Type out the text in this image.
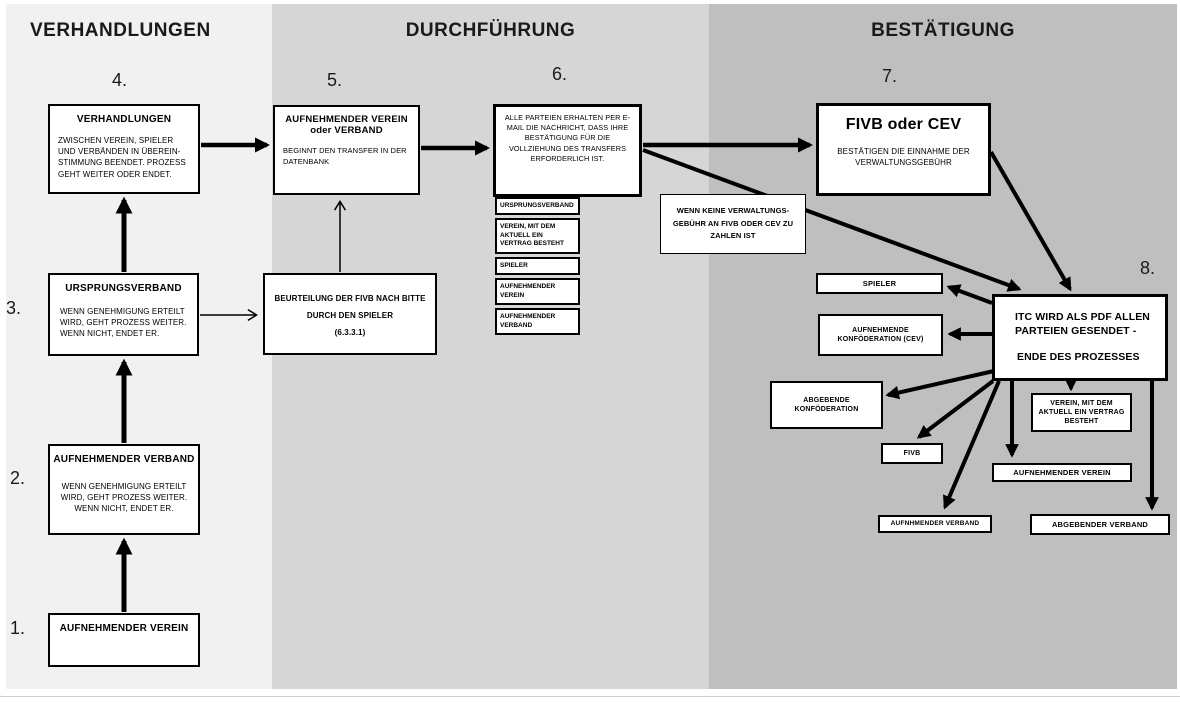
VERHANDLUNGEN	DURCHFÜHRUNG	BESTÄTIGUNG
1.
2.
3.
4.	5.	6.	7.
8.
AUFNEHMENDER VEREIN
AUFNEHMENDER VERBAND
WENN GENEHMIGUNG ERTEILT WIRD, GEHT PROZESS WEITER. WENN NICHT, ENDET ER.
URSPRUNGSVERBAND
WENN GENEHMIGUNG ERTEILT WIRD, GEHT PROZESS WEITER. WENN NICHT, ENDET ER.
VERHANDLUNGEN
ZWISCHEN VEREIN, SPIELER UND VERBÄNDEN IN ÜBEREIN-STIMMUNG BEENDET. PROZESS GEHT WEITER ODER ENDET.
BEURTEILUNG DER FIVB NACH BITTE
DURCH DEN SPIELER
(6.3.3.1)
AUFNEHMENDER VEREIN
oder VERBAND
BEGINNT DEN TRANSFER IN DER DATENBANK
ALLE PARTEIEN ERHALTEN PER E-MAIL DIE NACHRICHT, DASS IHRE BESTÄTIGUNG FÜR DIE VOLLZIEHUNG DES TRANSFERS ERFORDERLICH IST.
URSPRUNGSVERBAND
VEREIN, MIT DEM AKTUELL EIN VERTRAG BESTEHT
SPIELER
AUFNEHMENDER VEREIN
AUFNEHMENDER VERBAND
FIVB oder CEV
BESTÄTIGEN DIE EINNAHME DER VERWALTUNGSGEBÜHR
WENN KEINE VERWALTUNGS-
GEBÜHR AN FIVB ODER CEV ZU
ZAHLEN IST
ITC WIRD ALS PDF ALLEN PARTEIEN GESENDET -
ENDE DES PROZESSES
SPIELER
AUFNEHMENDE KONFÖDERATION (CEV)
ABGEBENDE KONFÖDERATION
FIVB
VEREIN, MIT DEM AKTUELL EIN VERTRAG BESTEHT
AUFNEHMENDER VEREIN
AUFNHMENDER VERBAND	ABGEBENDER VERBAND
